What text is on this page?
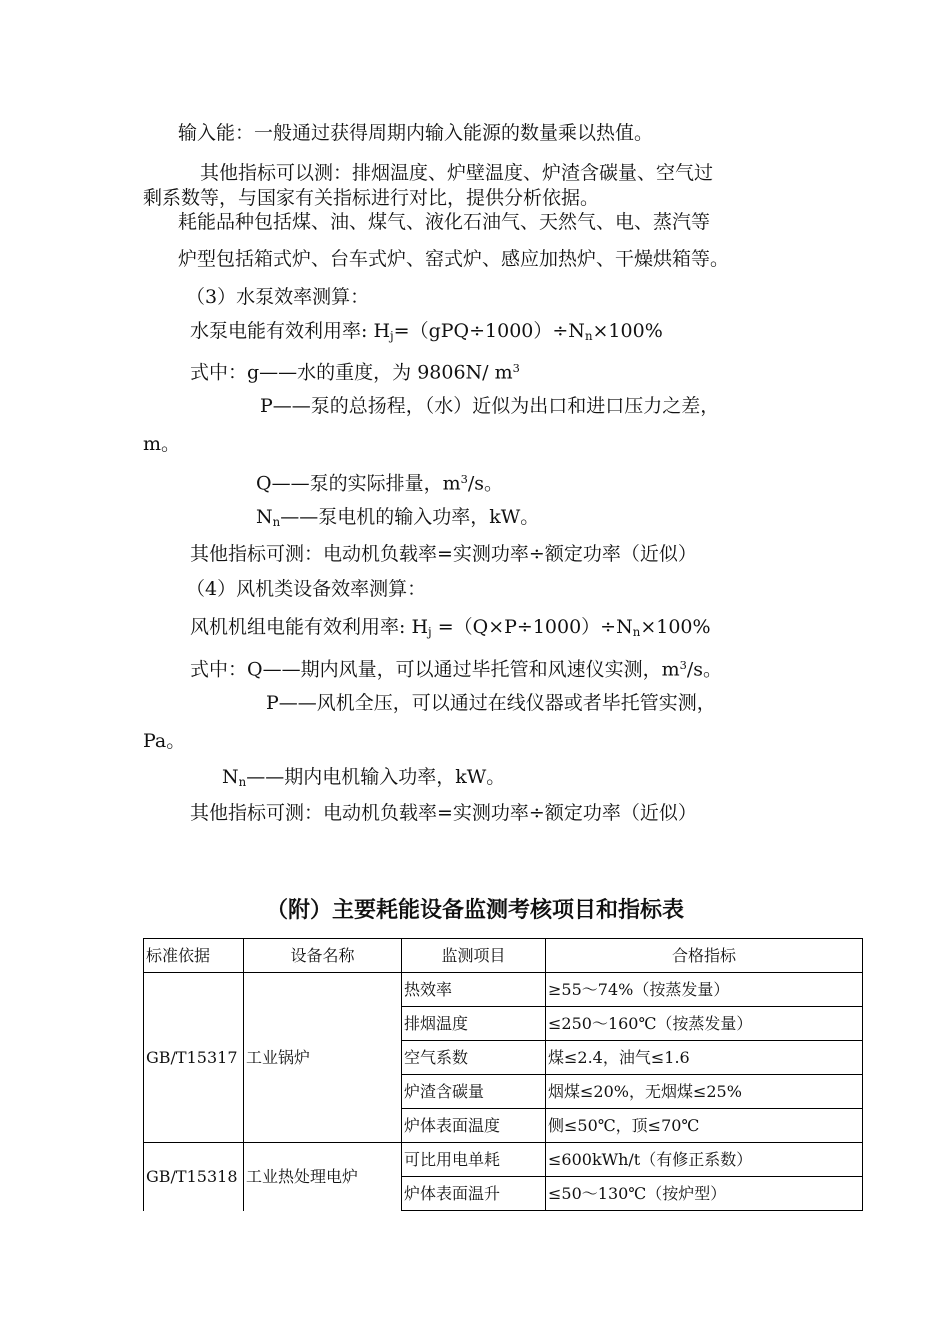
输入能：一般通过获得周期内输入能源的数量乘以热值。
其他指标可以测：排烟温度、炉壁温度、炉渣含碳量、空气过
剩系数等，与国家有关指标进行对比，提供分析依据。
耗能品种包括煤、油、煤气、液化石油气、天然气、电、蒸汽等
炉型包括箱式炉、台车式炉、窑式炉、感应加热炉、干燥烘箱等。
（3）水泵效率测算：
水泵电能有效利用率: Hj=（gPQ÷1000）÷Nn×100%
式中：g——水的重度，为 9806N/ $m^3$
P——泵的总扬程，（水）近似为出口和进口压力之差，
m。
Q——泵的实际排量，$m^3/s$。
Nn——泵电机的输入功率，kW。
其他指标可测：电动机负载率=实测功率÷额定功率（近似）
（4）风机类设备效率测算：
风机机组电能有效利用率: Hj =（Q×P÷1000）÷Nn×100%
式中：Q——期内风量，可以通过毕托管和风速仪实测，$m^3/s$。
P——风机全压，可以通过在线仪器或者毕托管实测，
Pa。
Nn——期内电机输入功率，kW。
其他指标可测：电动机负载率=实测功率÷额定功率（近似）
（附）主要耗能设备监测考核项目和指标表
标准依据	设备名称	监测项目	合格指标
GB/T15317	工业锅炉	热效率	≥55～74%（按蒸发量）
		排烟温度	≤250～160℃（按蒸发量）
		空气系数	煤≤2.4，油气≤1.6
		炉渣含碳量	烟煤≤20%，无烟煤≤25%
		炉体表面温度	侧≤50℃，顶≤70℃
GB/T15318	工业热处理电炉	可比用电单耗	≤600kWh/t（有修正系数）
		炉体表面温升	≤50～130℃（按炉型）
